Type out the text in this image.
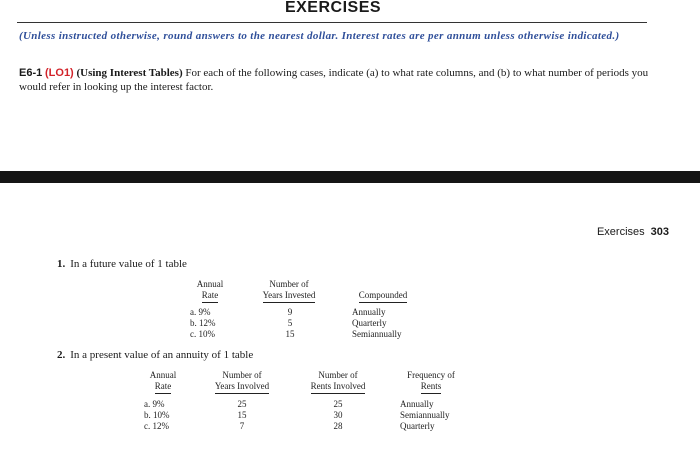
EXERCISES
(Unless instructed otherwise, round answers to the nearest dollar. Interest rates are per annum unless otherwise indicated.)
E6-1 (LO1) (Using Interest Tables) For each of the following cases, indicate (a) to what rate columns, and (b) to what number of periods you would refer in looking up the interest factor.
Exercises 303
1. In a future value of 1 table
Annual
Rate
Number of
Years Invested	Compounded
a. 9%
b. 12%
c. 10%
9
5
15
Annually
Quarterly
Semiannually
2. In a present value of an annuity of 1 table
Annual
Rate
Number of
Years Involved
Number of
Rents Involved
Frequency of
Rents
a. 9%
b. 10%
c. 12%
25
15
7
25
30
28
Annually
Semiannually
Quarterly
